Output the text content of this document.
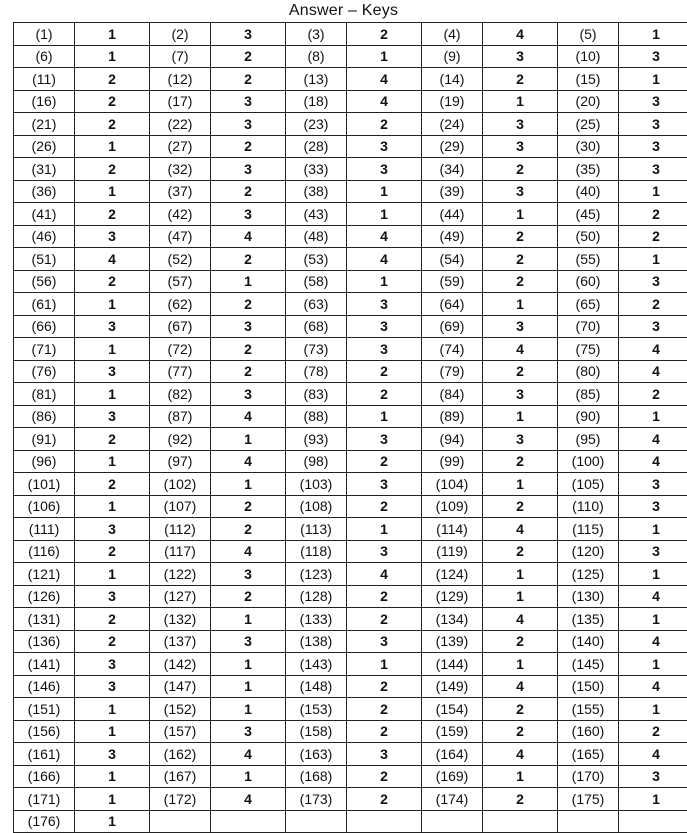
Answer – Keys
(1)	1	(2)	3	(3)	2	(4)	4	(5)	1
(6)	1	(7)	2	(8)	1	(9)	3	(10)	3
(11)	2	(12)	2	(13)	4	(14)	2	(15)	1
(16)	2	(17)	3	(18)	4	(19)	1	(20)	3
(21)	2	(22)	3	(23)	2	(24)	3	(25)	3
(26)	1	(27)	2	(28)	3	(29)	3	(30)	3
(31)	2	(32)	3	(33)	3	(34)	2	(35)	3
(36)	1	(37)	2	(38)	1	(39)	3	(40)	1
(41)	2	(42)	3	(43)	1	(44)	1	(45)	2
(46)	3	(47)	4	(48)	4	(49)	2	(50)	2
(51)	4	(52)	2	(53)	4	(54)	2	(55)	1
(56)	2	(57)	1	(58)	1	(59)	2	(60)	3
(61)	1	(62)	2	(63)	3	(64)	1	(65)	2
(66)	3	(67)	3	(68)	3	(69)	3	(70)	3
(71)	1	(72)	2	(73)	3	(74)	4	(75)	4
(76)	3	(77)	2	(78)	2	(79)	2	(80)	4
(81)	1	(82)	3	(83)	2	(84)	3	(85)	2
(86)	3	(87)	4	(88)	1	(89)	1	(90)	1
(91)	2	(92)	1	(93)	3	(94)	3	(95)	4
(96)	1	(97)	4	(98)	2	(99)	2	(100)	4
(101)	2	(102)	1	(103)	3	(104)	1	(105)	3
(106)	1	(107)	2	(108)	2	(109)	2	(110)	3
(111)	3	(112)	2	(113)	1	(114)	4	(115)	1
(116)	2	(117)	4	(118)	3	(119)	2	(120)	3
(121)	1	(122)	3	(123)	4	(124)	1	(125)	1
(126)	3	(127)	2	(128)	2	(129)	1	(130)	4
(131)	2	(132)	1	(133)	2	(134)	4	(135)	1
(136)	2	(137)	3	(138)	3	(139)	2	(140)	4
(141)	3	(142)	1	(143)	1	(144)	1	(145)	1
(146)	3	(147)	1	(148)	2	(149)	4	(150)	4
(151)	1	(152)	1	(153)	2	(154)	2	(155)	1
(156)	1	(157)	3	(158)	2	(159)	2	(160)	2
(161)	3	(162)	4	(163)	3	(164)	4	(165)	4
(166)	1	(167)	1	(168)	2	(169)	1	(170)	3
(171)	1	(172)	4	(173)	2	(174)	2	(175)	1
(176)	1								
